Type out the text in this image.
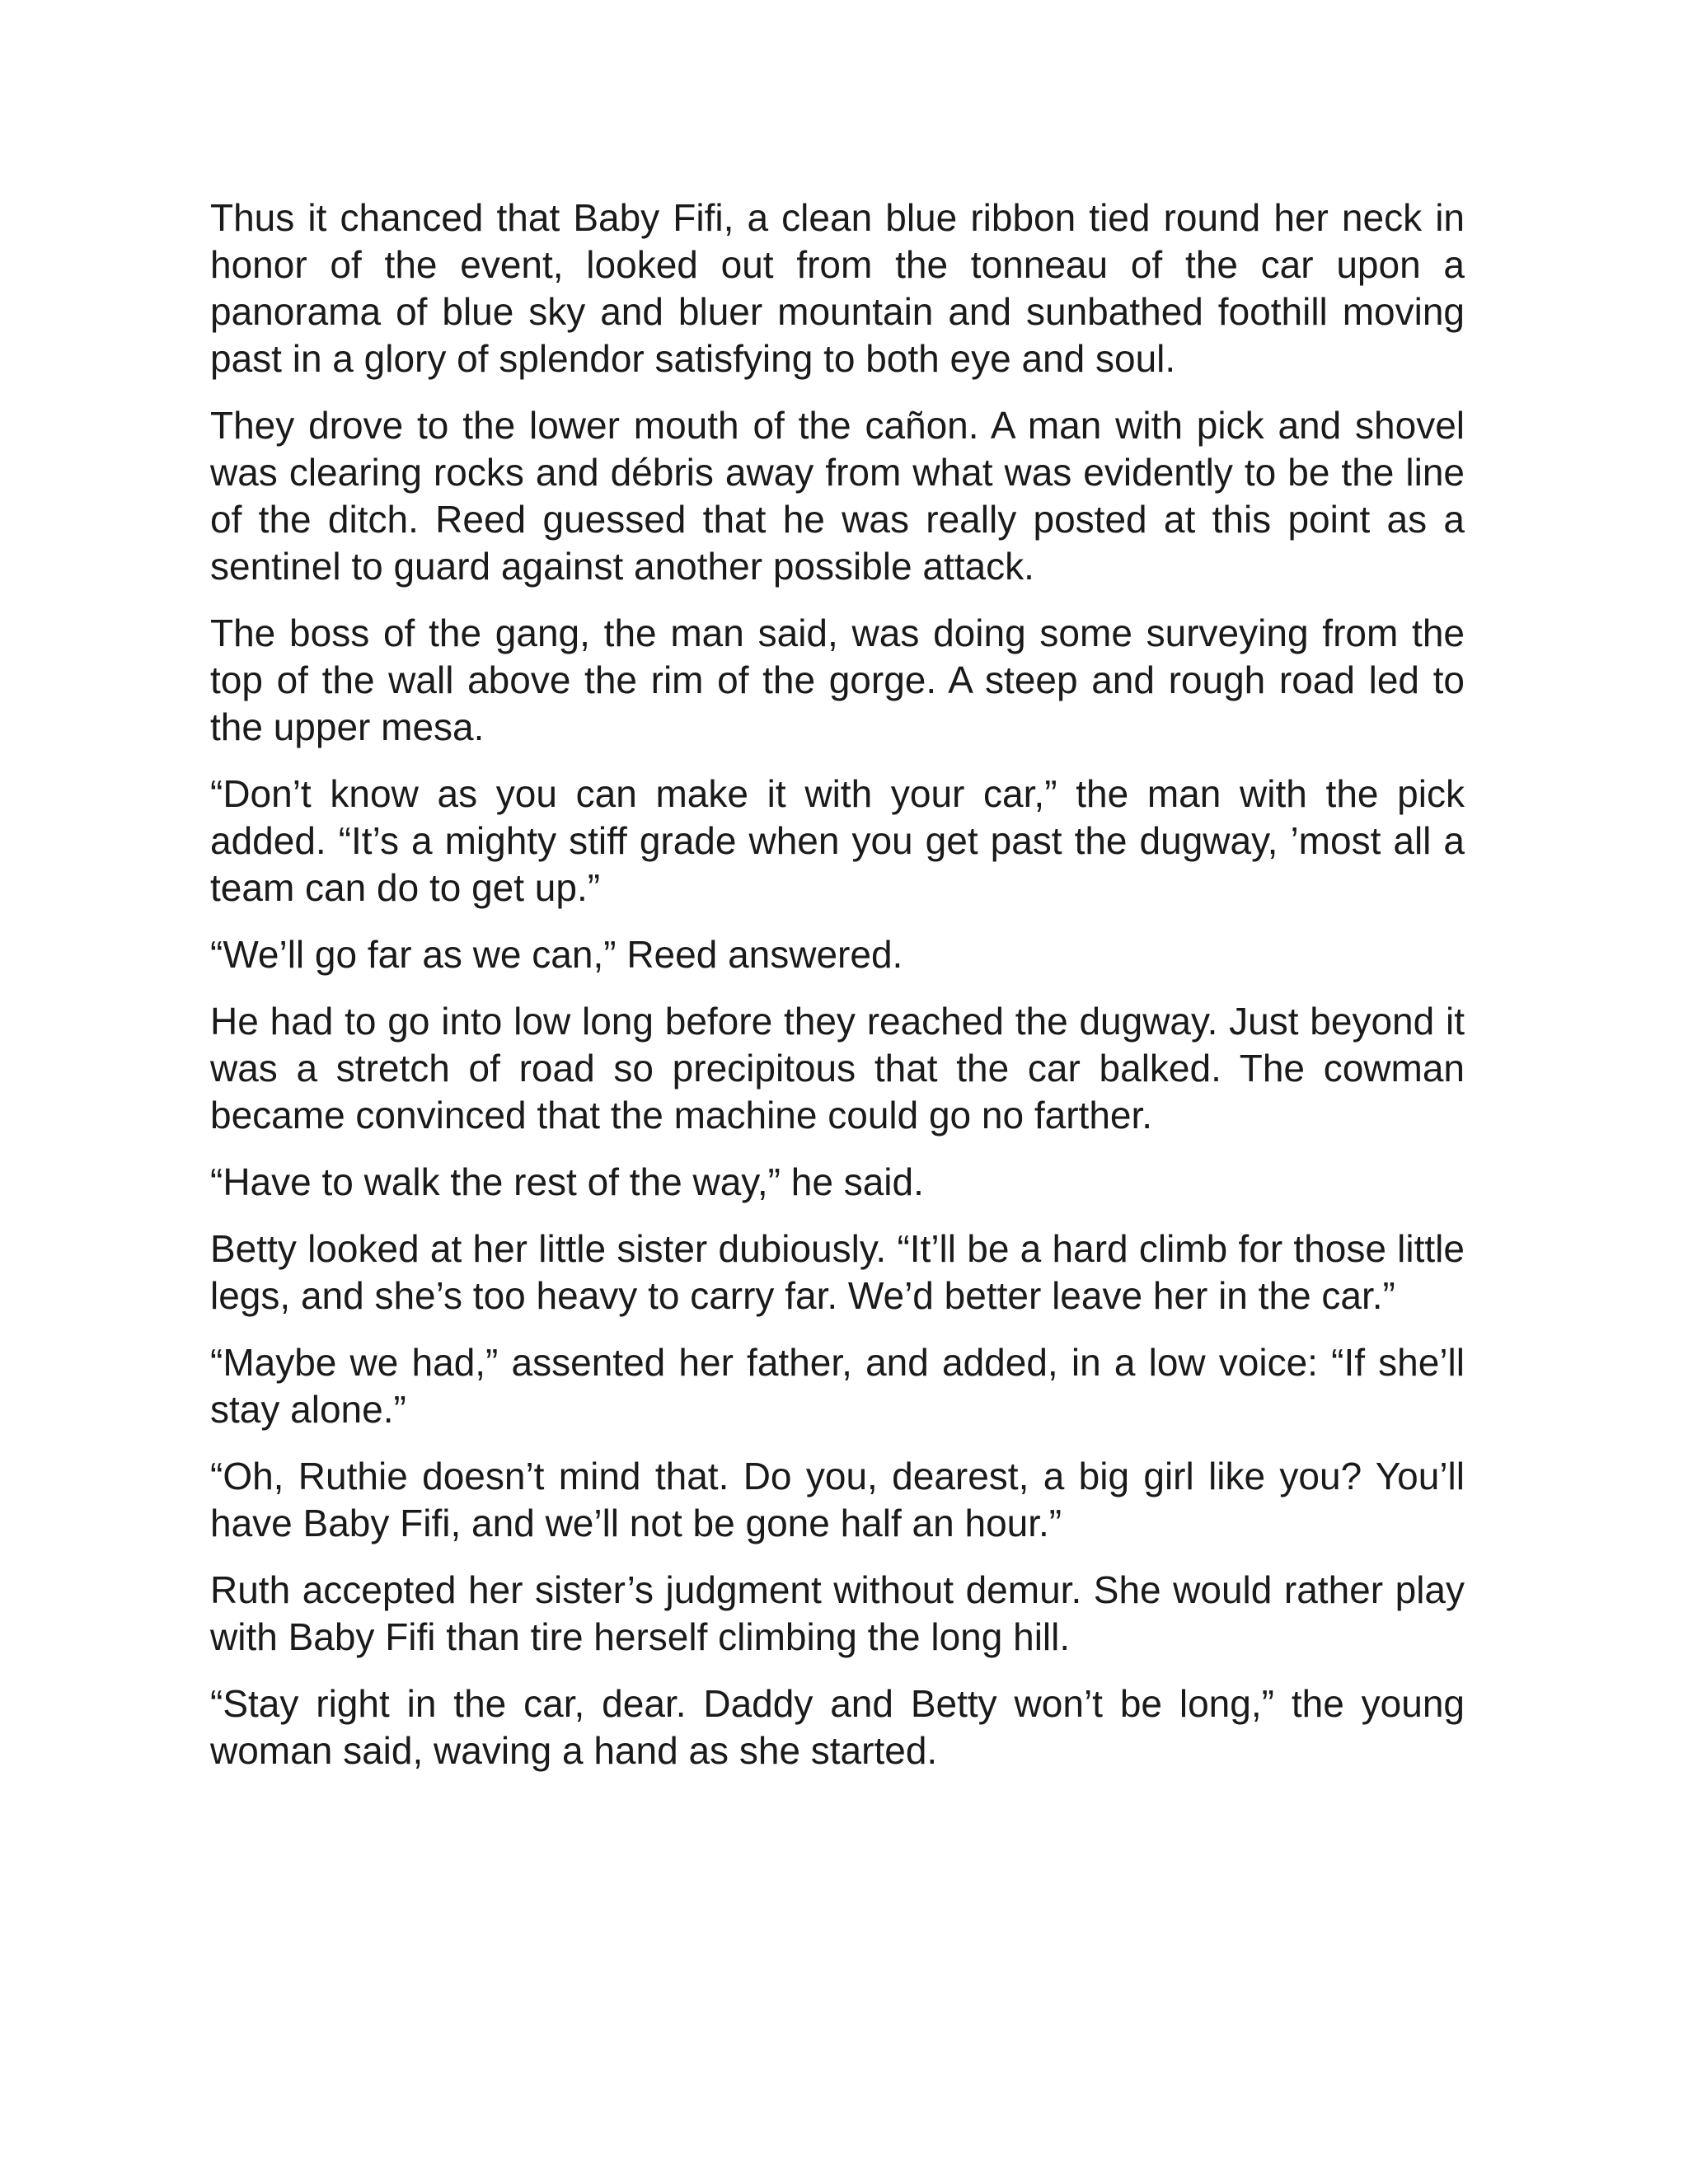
Thus it chanced that Baby Fifi, a clean blue ribbon tied round her neck in honor of the event, looked out from the tonneau of the car upon a panorama of blue sky and bluer mountain and sunbathed foothill moving past in a glory of splendor satisfying to both eye and soul.

They drove to the lower mouth of the cañon. A man with pick and shovel was clearing rocks and débris away from what was evidently to be the line of the ditch. Reed guessed that he was really posted at this point as a sentinel to guard against another possible attack.

The boss of the gang, the man said, was doing some surveying from the top of the wall above the rim of the gorge. A steep and rough road led to the upper mesa.

“Don’t know as you can make it with your car,” the man with the pick added. “It’s a mighty stiff grade when you get past the dugway, ’most all a team can do to get up.”

“We’ll go far as we can,” Reed answered.

He had to go into low long before they reached the dugway. Just beyond it was a stretch of road so precipitous that the car balked. The cowman became convinced that the machine could go no farther.

“Have to walk the rest of the way,” he said.

Betty looked at her little sister dubiously. “It’ll be a hard climb for those little legs, and she’s too heavy to carry far. We’d better leave her in the car.”

“Maybe we had,” assented her father, and added, in a low voice: “If she’ll stay alone.”

“Oh, Ruthie doesn’t mind that. Do you, dearest, a big girl like you? You’ll have Baby Fifi, and we’ll not be gone half an hour.”

Ruth accepted her sister’s judgment without demur. She would rather play with Baby Fifi than tire herself climbing the long hill.

“Stay right in the car, dear. Daddy and Betty won’t be long,” the young woman said, waving a hand as she started.
